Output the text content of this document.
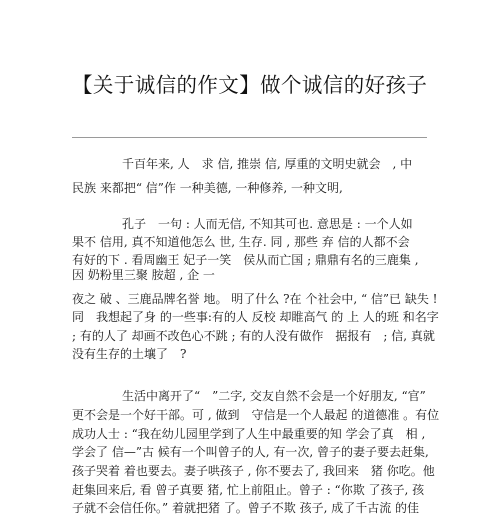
【关于诚信的作文】做个诚信的好孩子
千百年来, 人　求 信, 推崇 信, 厚重的文明史就会　, 中
民族 来都把“ 信”作 一种美德, 一种修养, 一种文明,
孔子　一句 : 人而无信, 不知其可也. 意思是 : 一个人如
果不 信用, 真不知道他怎么 世, 生存. 同 , 那些 弃 信的人都不会
有好的下 . 看周幽王 妃子一笑　侯从而亡国 ; 鼎鼎有名的三鹿集 ,
因 奶粉里三聚 胺超 , 企 一
夜之 破 、三鹿品牌名誉 地。 明了什么 ?在 个社会中, “ 信”已 缺失 !
同　我想起了身 的一些事:有的人 反校 却睢高气 的 上 人的班 和名字
; 有的人了 却画不改色心不跳 ; 有的人没有做作　据报有　; 信, 真就
没有生存的土壤了　?
生活中离开了“　”二字, 交友自然不会是一个好朋友, “官”
更不会是一个好干部。可 , 做到　守信是一个人最起 的道德准 。有位
成功人士 : “我在幼儿园里学到了人生中最重要的知 学会了真　相 ,
学会了 信—”古 候有一个叫曾子的人, 有一次, 曾子的妻子要去赶集,
孩子哭着 着也要去。妻子哄孩子 , 你不要去了, 我回来　猪 你吃。他
赶集回来后, 看 曾子真要 猪, 忙上前阻止。曾子 : “你欺 了孩子, 孩
子就不会信任你。” 着就把猪 了。曾子不欺 孩子, 成了千古流 的佳
